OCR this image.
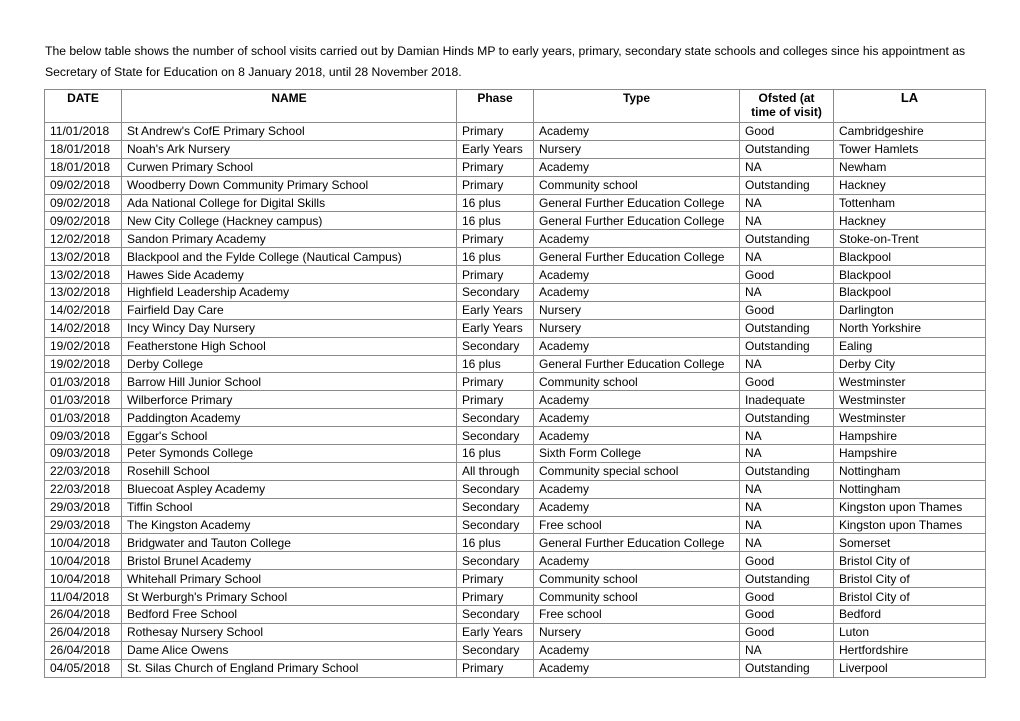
The below table shows the number of school visits carried out by Damian Hinds MP to early years, primary, secondary state schools and colleges since his appointment as Secretary of State for Education on 8 January 2018, until 28 November 2018.

DATE	NAME	Phase	Type	Ofsted (at time of visit)	LA
11/01/2018	St Andrew's CofE Primary School	Primary	Academy	Good	Cambridgeshire
18/01/2018	Noah's Ark Nursery	Early Years	Nursery	Outstanding	Tower Hamlets
18/01/2018	Curwen Primary School	Primary	Academy	NA	Newham
09/02/2018	Woodberry Down Community Primary School	Primary	Community school	Outstanding	Hackney
09/02/2018	Ada National College for Digital Skills	16 plus	General Further Education College	NA	Tottenham
09/02/2018	New City College (Hackney campus)	16 plus	General Further Education College	NA	Hackney
12/02/2018	Sandon Primary Academy	Primary	Academy	Outstanding	Stoke-on-Trent
13/02/2018	Blackpool and the Fylde College (Nautical Campus)	16 plus	General Further Education College	NA	Blackpool
13/02/2018	Hawes Side Academy	Primary	Academy	Good	Blackpool
13/02/2018	Highfield Leadership Academy	Secondary	Academy	NA	Blackpool
14/02/2018	Fairfield Day Care	Early Years	Nursery	Good	Darlington
14/02/2018	Incy Wincy Day Nursery	Early Years	Nursery	Outstanding	North Yorkshire
19/02/2018	Featherstone High School	Secondary	Academy	Outstanding	Ealing
19/02/2018	Derby College	16 plus	General Further Education College	NA	Derby City
01/03/2018	Barrow Hill Junior School	Primary	Community school	Good	Westminster
01/03/2018	Wilberforce Primary	Primary	Academy	Inadequate	Westminster
01/03/2018	Paddington Academy	Secondary	Academy	Outstanding	Westminster
09/03/2018	Eggar's School	Secondary	Academy	NA	Hampshire
09/03/2018	Peter Symonds College	16 plus	Sixth Form College	NA	Hampshire
22/03/2018	Rosehill School	All through	Community special school	Outstanding	Nottingham
22/03/2018	Bluecoat Aspley Academy	Secondary	Academy	NA	Nottingham
29/03/2018	Tiffin School	Secondary	Academy	NA	Kingston upon Thames
29/03/2018	The Kingston Academy	Secondary	Free school	NA	Kingston upon Thames
10/04/2018	Bridgwater and Tauton College	16 plus	General Further Education College	NA	Somerset
10/04/2018	Bristol Brunel Academy	Secondary	Academy	Good	Bristol City of
10/04/2018	Whitehall Primary School	Primary	Community school	Outstanding	Bristol City of
11/04/2018	St Werburgh's Primary School	Primary	Community school	Good	Bristol City of
26/04/2018	Bedford Free School	Secondary	Free school	Good	Bedford
26/04/2018	Rothesay Nursery School	Early Years	Nursery	Good	Luton
26/04/2018	Dame Alice Owens	Secondary	Academy	NA	Hertfordshire
04/05/2018	St. Silas Church of England Primary School	Primary	Academy	Outstanding	Liverpool
